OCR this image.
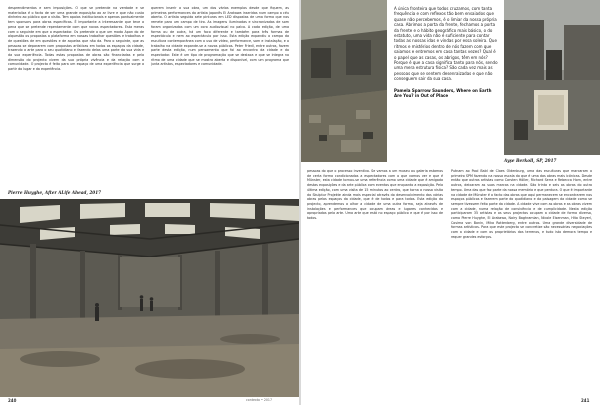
desprendimentos e sem imposições. O que se pretende na verdade e se materializa é o facto de ser uma grande exposição ao ar livre e que não custa dinheiro ao público que a visita. Tem apoios institucionais e apenas pontualmente tem sponsors para obras específicas. É importante a interessante que teve a pena que se pretende repentamente com que novos espectadores. Esta meras com o seguinte em que o espectador. Os pretende o que um modo Apon do de alquestão os propostas a plataforma em nossas trabalhar questões e trabalhos e de questões de em questões e de aquelas que não da. Para o seguinte, que as pessoas se depararem com propostas artísticas em todos os espaços da cidade, trazendo a arte para o seu quotidiano e fazendo delas uma parte da sua vida e da sua experiência. Todas estas propostas de obras são financiadas e pela dimensão do projecto vivem da sua própria vivência e da relação com a comunidade. O projecto é feito para um espaço de uma experiência que surge a partir do lugar e da experiência.

querem inserir a sua obra, um dos vários exemplos desde que fiquem, as primeiras performances do artista japonês Ei Arakawa inseridas num campo a céu aberto. O artista seguido sete pinturas em LED dispostas de uma forma que nos remete para um campo de tiro. As imagens iluminadas e sincronizadas de som foram organizadas com um coro audiovisual no palco. A cada edição, de uma forma ou de outra, há um foco diferente e também para três formas de espectáculo e nem ao espectáculo por isso. Esta edição expandiu o campo da escultura contemporânea com o uso de vídeo, performance, som e instalação, e o trabalho na cidade expande-se a novos públicos. Peter Friedl, entre outros, fazem parte desta edição, num pensamento que foi ao encontro da cidade e do espectador. Este é um tipo de programação que se destaca e que se integra no ritmo de uma cidade que se mostra aberta e disponível, com um programa que junta artistas, espectadores e comunidade.

Pierre Huyghe, After ALife Ahead, 2017
240	contexto • 2017

A única fronteira que todos cruzamos, com tanta frequência e com reflexos tão bem ensaiados que quase não percebemos, é o limiar da nossa própria casa. Abrimos a porta da frente, fechamos a porta da frente e o hábito geográfico mais básico, o do estatuto, uma vida não é suficiente para contar todas as nossas idas e vindas por essa soleira. Que ritmos e mistérios dentro de nós fazem com que saiamos e entremos em casa tantas vezes? Qual é o papel que as casas, os abrigos, têm em nós? Porque é que a casa significa tanto para nós, sendo uma mera estrutura física? São cada vez mais as pessoas que se sentem desenraizadas e que não conseguem sair da sua casa.

Pamela Sparrow Saunders, Where on Earth Are You? in Out of Place
Ayşe Berkoll, SP, 2017

pessoas do que o processo inventivo. Se vamos a um museu ou galeria estamos de certa forma condicionados a espectadores com o que vamos ver e que é Münster, esta cidade tornou-se uma referência como uma cidade que é amigada destas exposições e da arte pública com eventos que enquanto a exposição. Pela última edição, com uma visita de 15 minutos ao centro, que torna a nossa visita do Skulptur Projekte ainda mais especial através do desenvolvimento das várias obras pelos espaços da cidade, que é de todos e para todos. Esta edição do projecto, aprendemos a olhar a cidade de uma outra forma, seja através de instalações e performances que ocupam áreas e lugares conhecidos e apropriados pela arte. Uma arte que está no espaço público e que é por isso de todos.

Putnam ao Pool Bald de Claes Oldenburg, uma das esculturas que marcaram o primeiro SPM fazendo na nossa escala do que é uma das obras mais icónicas. Desde então que outros artistas como Carsten Höller, Richard Serra e Rebecca Horn, entre outros, deixaram as suas marcas na cidade. São trinta e seis as obras do outro tempo. Uma das que faz parte da nossa memória e que perdura. O que é importante na cidade de Münster é o facto das obras que aqui permanecem se encontrarem nos espaços públicos e fazerem parte do quotidiano e da paisagem da cidade como se sempre tivessem feito parte da cidade. A cidade vive com as obras e as obras vivem com a cidade, numa relação de convivência e de cumplicidade. Nesta edição participaram 35 artistas e os seus projectos ocupam a cidade de forma diversa, como Pierre Huyghe, Ei Arakawa, Nairy Baghramian, Nicole Eisenman, Hito Steyerl, Cosima von Bonin, Mika Rottenberg, entre outros. Uma grande diversidade de formas artísticas. Para que este projecto se concretize são necessárias negociações com a cidade e com os proprietários dos terrenos, e tudo isto demora tempo e requer grandes esforços.

241
